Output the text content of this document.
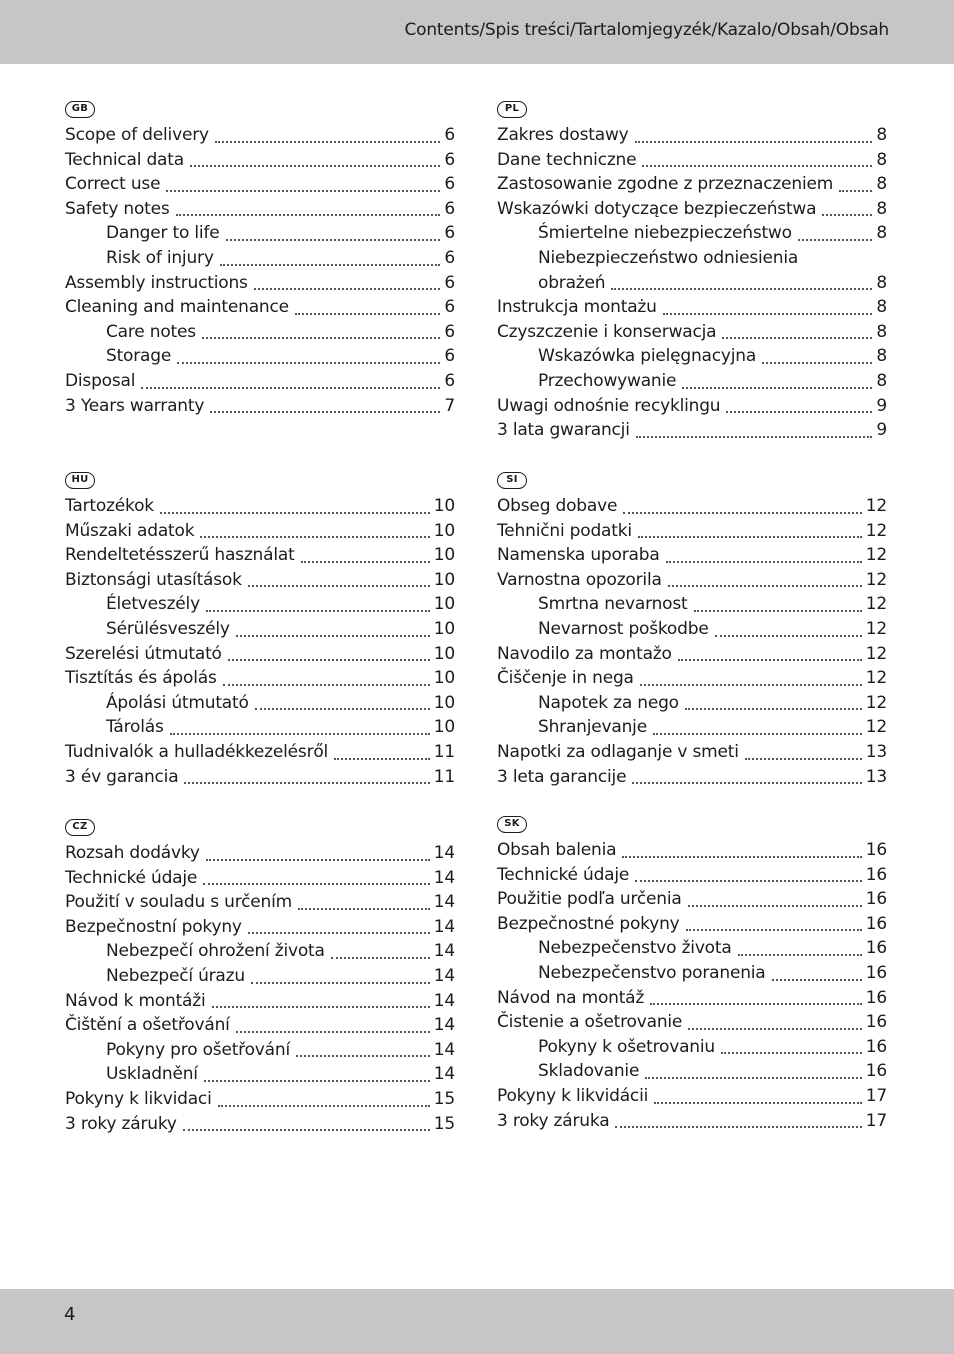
Contents/Spis treści/Tartalomjegyzék/Kazalo/Obsah/Obsah
GB
Scope of delivery	6
Technical data	6
Correct use	6
Safety notes	6
Danger to life	6
Risk of injury	6
Assembly instructions	6
Cleaning and maintenance	6
Care notes	6
Storage	6
Disposal	6
3 Years warranty	7
PL
Zakres dostawy	8
Dane techniczne	8
Zastosowanie zgodne z przeznaczeniem	8
Wskazówki dotyczące bezpieczeństwa	8
Śmiertelne niebezpieczeństwo	8
Niebezpieczeństwo odniesienia
obrażeń	8
Instrukcja montażu	8
Czyszczenie i konserwacja	8
Wskazówka pielęgnacyjna	8
Przechowywanie	8
Uwagi odnośnie recyklingu	9
3 lata gwarancji	9
HU
Tartozékok	10
Műszaki adatok	10
Rendeltetésszerű használat	10
Biztonsági utasítások	10
Életveszély	10
Sérülésveszély	10
Szerelési útmutató	10
Tisztítás és ápolás	10
Ápolási útmutató	10
Tárolás	10
Tudnivalók a hulladékkezelésről	11
3 év garancia	11
SI
Obseg dobave	12
Tehnični podatki	12
Namenska uporaba	12
Varnostna opozorila	12
Smrtna nevarnost	12
Nevarnost poškodbe	12
Navodilo za montažo	12
Čiščenje in nega	12
Napotek za nego	12
Shranjevanje	12
Napotki za odlaganje v smeti	13
3 leta garancije	13
CZ
Rozsah dodávky	14
Technické údaje	14
Použití v souladu s určením	14
Bezpečnostní pokyny	14
Nebezpečí ohrožení života	14
Nebezpečí úrazu	14
Návod k montáži	14
Čištění a ošetřování	14
Pokyny pro ošetřování	14
Uskladnění	14
Pokyny k likvidaci	15
3 roky záruky	15
SK
Obsah balenia	16
Technické údaje	16
Použitie podľa určenia	16
Bezpečnostné pokyny	16
Nebezpečenstvo života	16
Nebezpečenstvo poranenia	16
Návod na montáž	16
Čistenie a ošetrovanie	16
Pokyny k ošetrovaniu	16
Skladovanie	16
Pokyny k likvidácii	17
3 roky záruka	17
4
